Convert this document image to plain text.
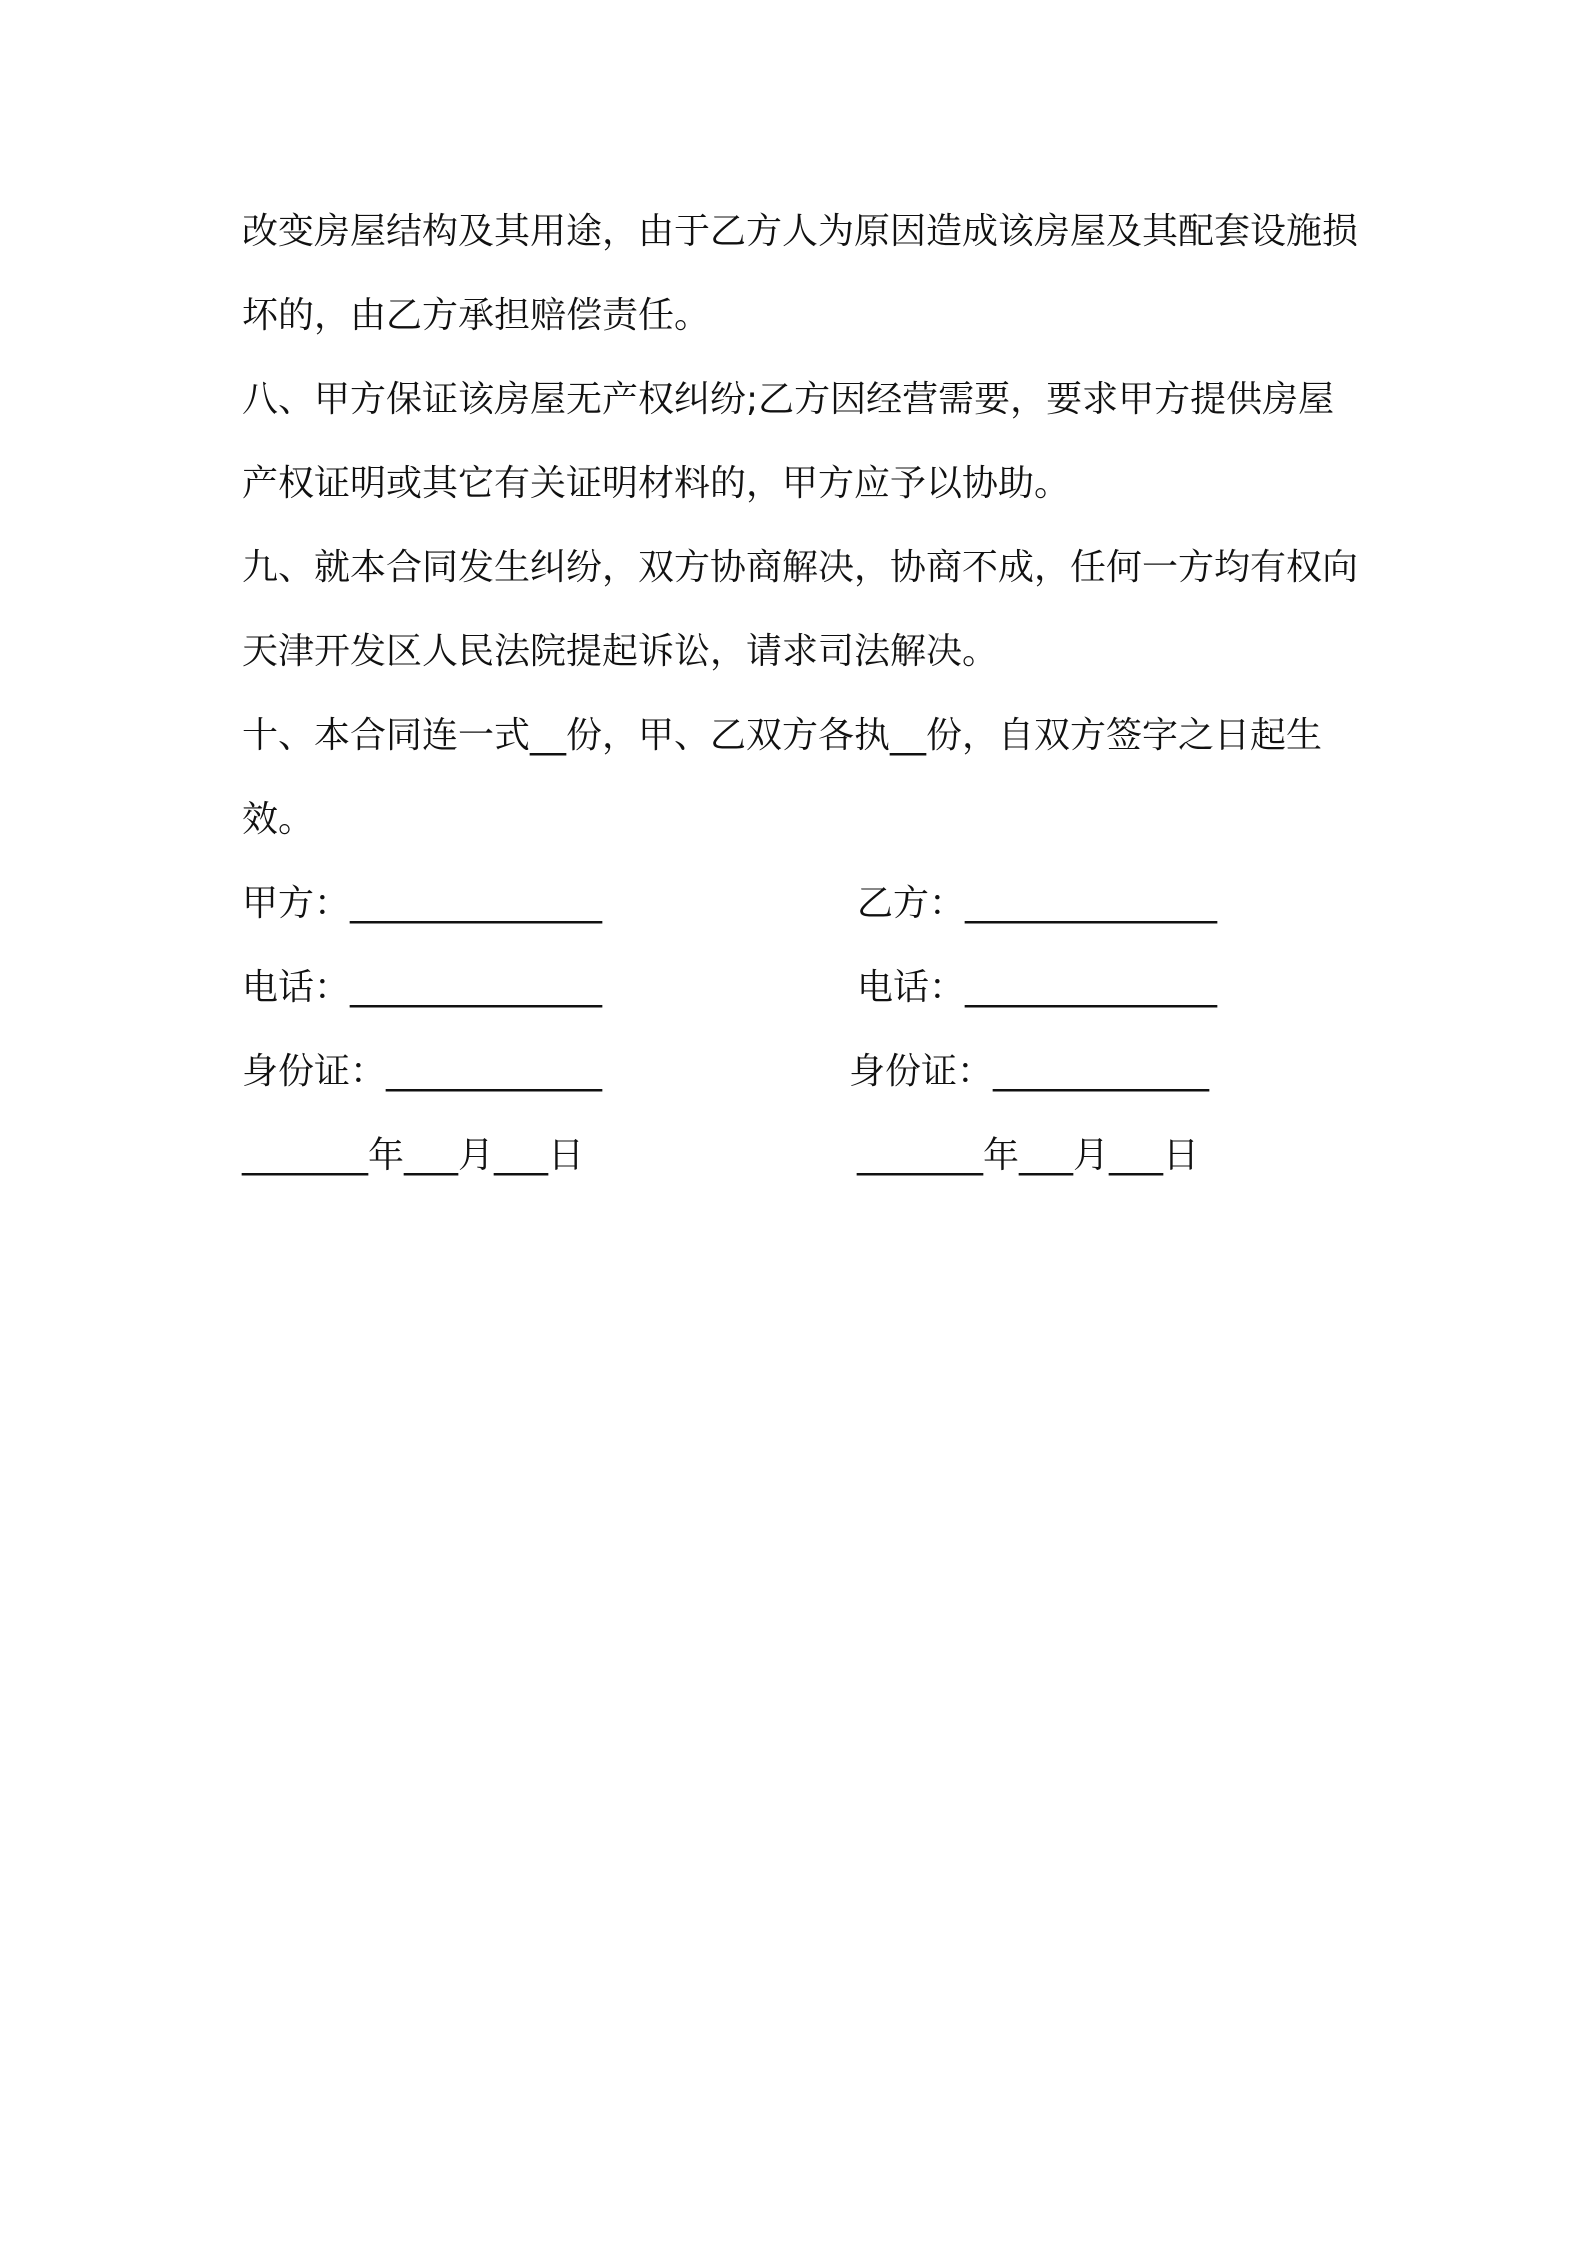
改变房屋结构及其用途，由于乙方人为原因造成该房屋及其配套设施损坏的，由乙方承担赔偿责任。

八、甲方保证该房屋无产权纠纷;乙方因经营需要，要求甲方提供房屋产权证明或其它有关证明材料的，甲方应予以协助。

九、就本合同发生纠纷，双方协商解决，协商不成，任何一方均有权向天津开发区人民法院提起诉讼，请求司法解决。

十、本合同连一式__份，甲、乙双方各执__份，自双方签字之日起生效。

甲方：______________	乙方：______________
电话：______________	电话：______________
身份证：____________	身份证：____________
_______年___月___日	_______年___月___日
